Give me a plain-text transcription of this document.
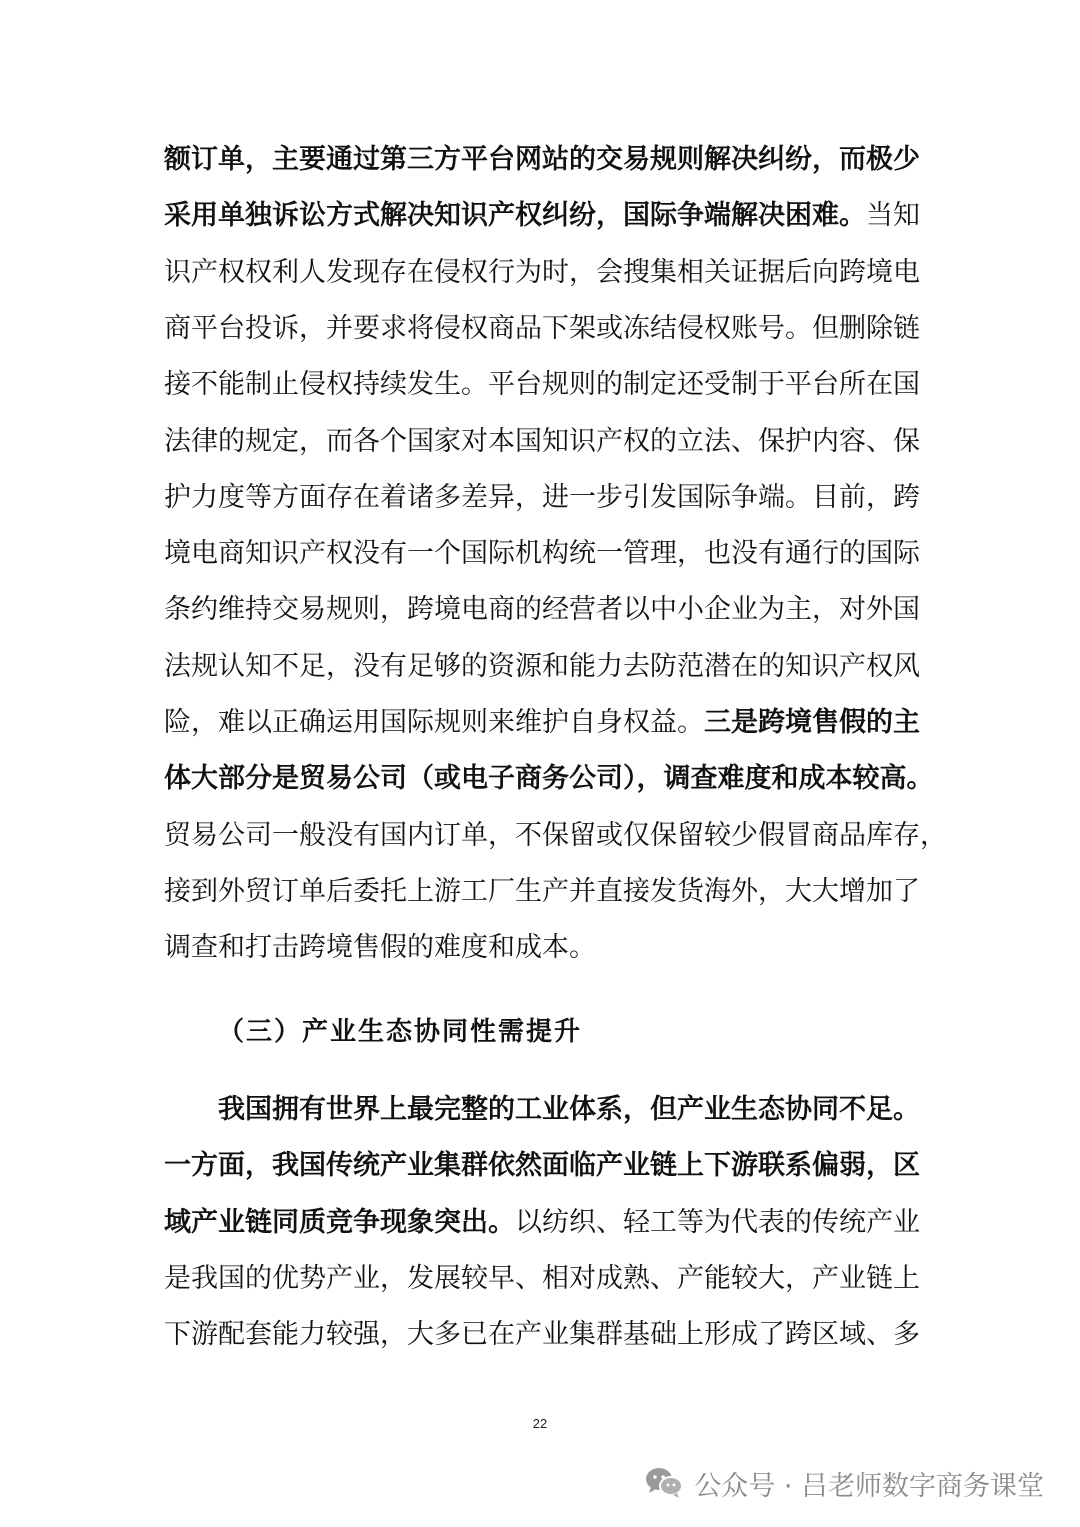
额订单，主要通过第三方平台网站的交易规则解决纠纷，而极少
采用单独诉讼方式解决知识产权纠纷，国际争端解决困难。当知
识产权权利人发现存在侵权行为时，会搜集相关证据后向跨境电
商平台投诉，并要求将侵权商品下架或冻结侵权账号。但删除链
接不能制止侵权持续发生。平台规则的制定还受制于平台所在国
法律的规定，而各个国家对本国知识产权的立法、保护内容、保
护力度等方面存在着诸多差异，进一步引发国际争端。目前，跨
境电商知识产权没有一个国际机构统一管理，也没有通行的国际
条约维持交易规则，跨境电商的经营者以中小企业为主，对外国
法规认知不足，没有足够的资源和能力去防范潜在的知识产权风
险，难以正确运用国际规则来维护自身权益。三是跨境售假的主
体大部分是贸易公司（或电子商务公司），调查难度和成本较高。
贸易公司一般没有国内订单，不保留或仅保留较少假冒商品库存，
接到外贸订单后委托上游工厂生产并直接发货海外，大大增加了
调查和打击跨境售假的难度和成本。
（三）产业生态协同性需提升
我国拥有世界上最完整的工业体系，但产业生态协同不足。
一方面，我国传统产业集群依然面临产业链上下游联系偏弱，区
域产业链同质竞争现象突出。以纺织、轻工等为代表的传统产业
是我国的优势产业，发展较早、相对成熟、产能较大，产业链上
下游配套能力较强，大多已在产业集群基础上形成了跨区域、多
22
公众号 · 吕老师数字商务课堂
